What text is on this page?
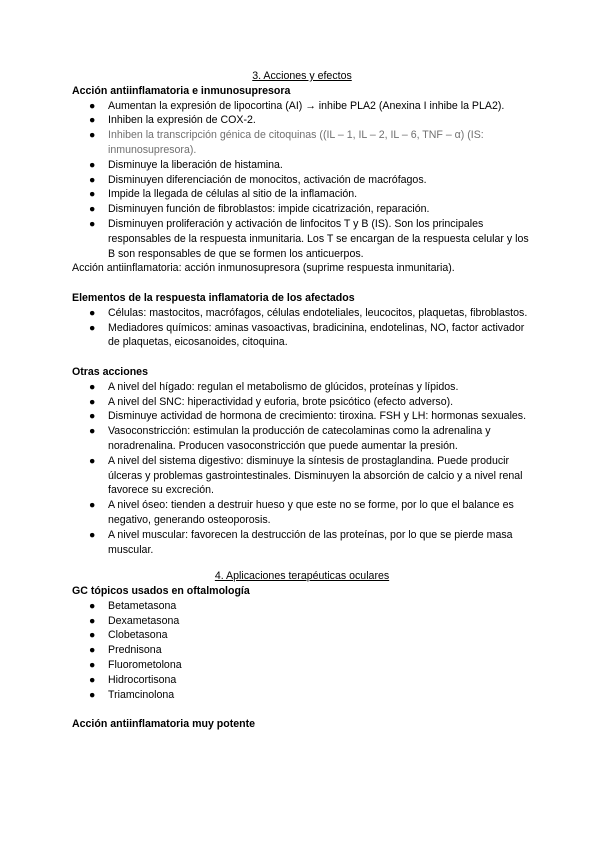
3. Acciones y efectos

Acción antiinflamatoria e inmunosupresora

●	Aumentan la expresión de lipocortina (AI) → inhibe PLA2 (Anexina I inhibe la PLA2).
●	Inhiben la expresión de COX-2.
●	Inhiben la transcripción génica de citoquinas ((IL – 1, IL – 2, IL – 6, TNF – α) (IS: inmunosupresora).
●	Disminuye la liberación de histamina.
●	Disminuyen diferenciación de monocitos, activación de macrófagos.
●	Impide la llegada de células al sitio de la inflamación.
●	Disminuyen función de fibroblastos: impide cicatrización, reparación.
●	Disminuyen proliferación y activación de linfocitos T y B (IS). Son los principales responsables de la respuesta inmunitaria. Los T se encargan de la respuesta celular y los B son responsables de que se formen los anticuerpos.

Acción antiinflamatoria: acción inmunosupresora (suprime respuesta inmunitaria).

Elementos de la respuesta inflamatoria de los afectados

●	Células: mastocitos, macrófagos, células endoteliales, leucocitos, plaquetas, fibroblastos.
●	Mediadores químicos: aminas vasoactivas, bradicinina, endotelinas, NO, factor activador de plaquetas, eicosanoides, citoquina.

Otras acciones

●	A nivel del hígado: regulan el metabolismo de glúcidos, proteínas y lípidos.
●	A nivel del SNC: hiperactividad y euforia, brote psicótico (efecto adverso).
●	Disminuye actividad de hormona de crecimiento: tiroxina. FSH y LH: hormonas sexuales.
●	Vasoconstricción: estimulan la producción de catecolaminas como la adrenalina y noradrenalina. Producen vasoconstricción que puede aumentar la presión.
●	A nivel del sistema digestivo: disminuye la síntesis de prostaglandina. Puede producir úlceras y problemas gastrointestinales. Disminuyen la absorción de calcio y a nivel renal favorece su excreción.
●	A nivel óseo: tienden a destruir hueso y que este no se forme, por lo que el balance es negativo, generando osteoporosis.
●	A nivel muscular: favorecen la destrucción de las proteínas, por lo que se pierde masa muscular.

4. Aplicaciones terapéuticas oculares

GC tópicos usados en oftalmología

●	Betametasona
●	Dexametasona
●	Clobetasona
●	Prednisona
●	Fluorometolona
●	Hidrocortisona
●	Triamcinolona

Acción antiinflamatoria muy potente
